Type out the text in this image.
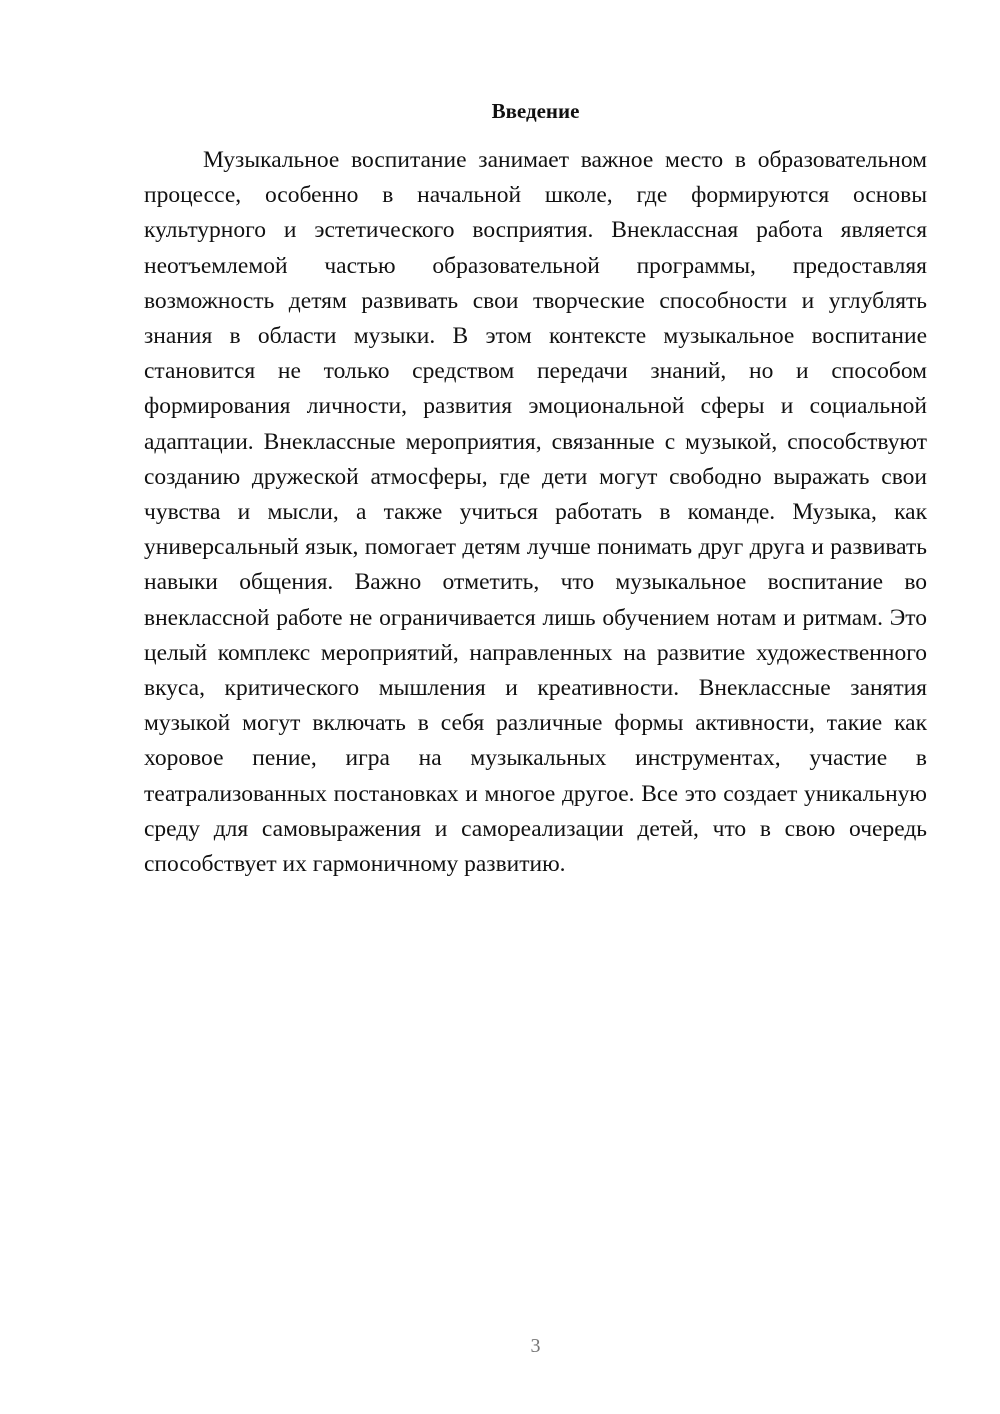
Введение

Музыкальное воспитание занимает важное место в образовательном процессе, особенно в начальной школе, где формируются основы культурного и эстетического восприятия. Внеклассная работа является неотъемлемой частью образовательной программы, предоставляя возможность детям развивать свои творческие способности и углублять знания в области музыки. В этом контексте музыкальное воспитание становится не только средством передачи знаний, но и способом формирования личности, развития эмоциональной сферы и социальной адаптации. Внеклассные мероприятия, связанные с музыкой, способствуют созданию дружеской атмосферы, где дети могут свободно выражать свои чувства и мысли, а также учиться работать в команде. Музыка, как универсальный язык, помогает детям лучше понимать друг друга и развивать навыки общения. Важно отметить, что музыкальное воспитание во внеклассной работе не ограничивается лишь обучением нотам и ритмам. Это целый комплекс мероприятий, направленных на развитие художественного вкуса, критического мышления и креативности. Внеклассные занятия музыкой могут включать в себя различные формы активности, такие как хоровое пение, игра на музыкальных инструментах, участие в театрализованных постановках и многое другое. Все это создает уникальную среду для самовыражения и самореализации детей, что в свою очередь способствует их гармоничному развитию.

3
